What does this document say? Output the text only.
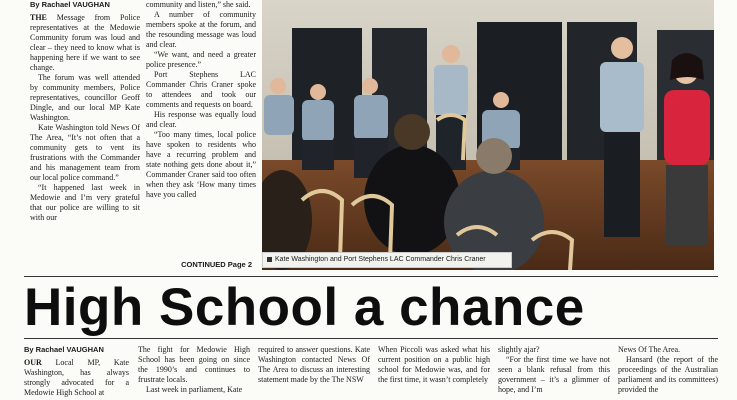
By Rachael VAUGHAN

THE Message from Police representatives at the Medowie Community forum was loud and clear – they need to know what is happening here if we want to see change.

The forum was well attended by community members, Police representatives, councillor Geoff Dingle, and our local MP Kate Washington.

Kate Washington told News Of The Area, “It’s not often that a community gets to vent its frustrations with the Commander and his management team from our local police command.”

“It happened last week in Medowie and I’m very grateful that our police are willing to sit with our

community and listen,” she said.

A number of community members spoke at the forum, and the resounding message was loud and clear.

“We want, and need a greater police presence.”

Port Stephens LAC Commander Chris Craner spoke to attendees and took our comments and requests on board.

His response was equally loud and clear.

“Too many times, local police have spoken to residents who have a recurring problem and state nothing gets done about it,” Commander Craner said too often when they ask ‘How many times have you called

CONTINUED Page 2
Kate Washington and Port Stephens LAC Commander Chris Craner
High School a chance
By Rachael VAUGHAN

OUR Local MP, Kate Washington, has always strongly advocated for a Medowie High School at

The fight for Medowie High School has been going on since the 1990’s and continues to frustrate locals.

Last week in parliament, Kate

required to answer questions. Kate Washington contacted News Of The Area to discuss an interesting statement made by the The NSW

When Piccoli was asked what his current position on a public high school for Medowie was, and for the first time, it wasn’t completely

slightly ajar?

“For the first time we have not seen a blank refusal from this government – it’s a glimmer of hope, and I’m

News Of The Area.

Hansard (the report of the proceedings of the Australian parliament and its committees) provided the
